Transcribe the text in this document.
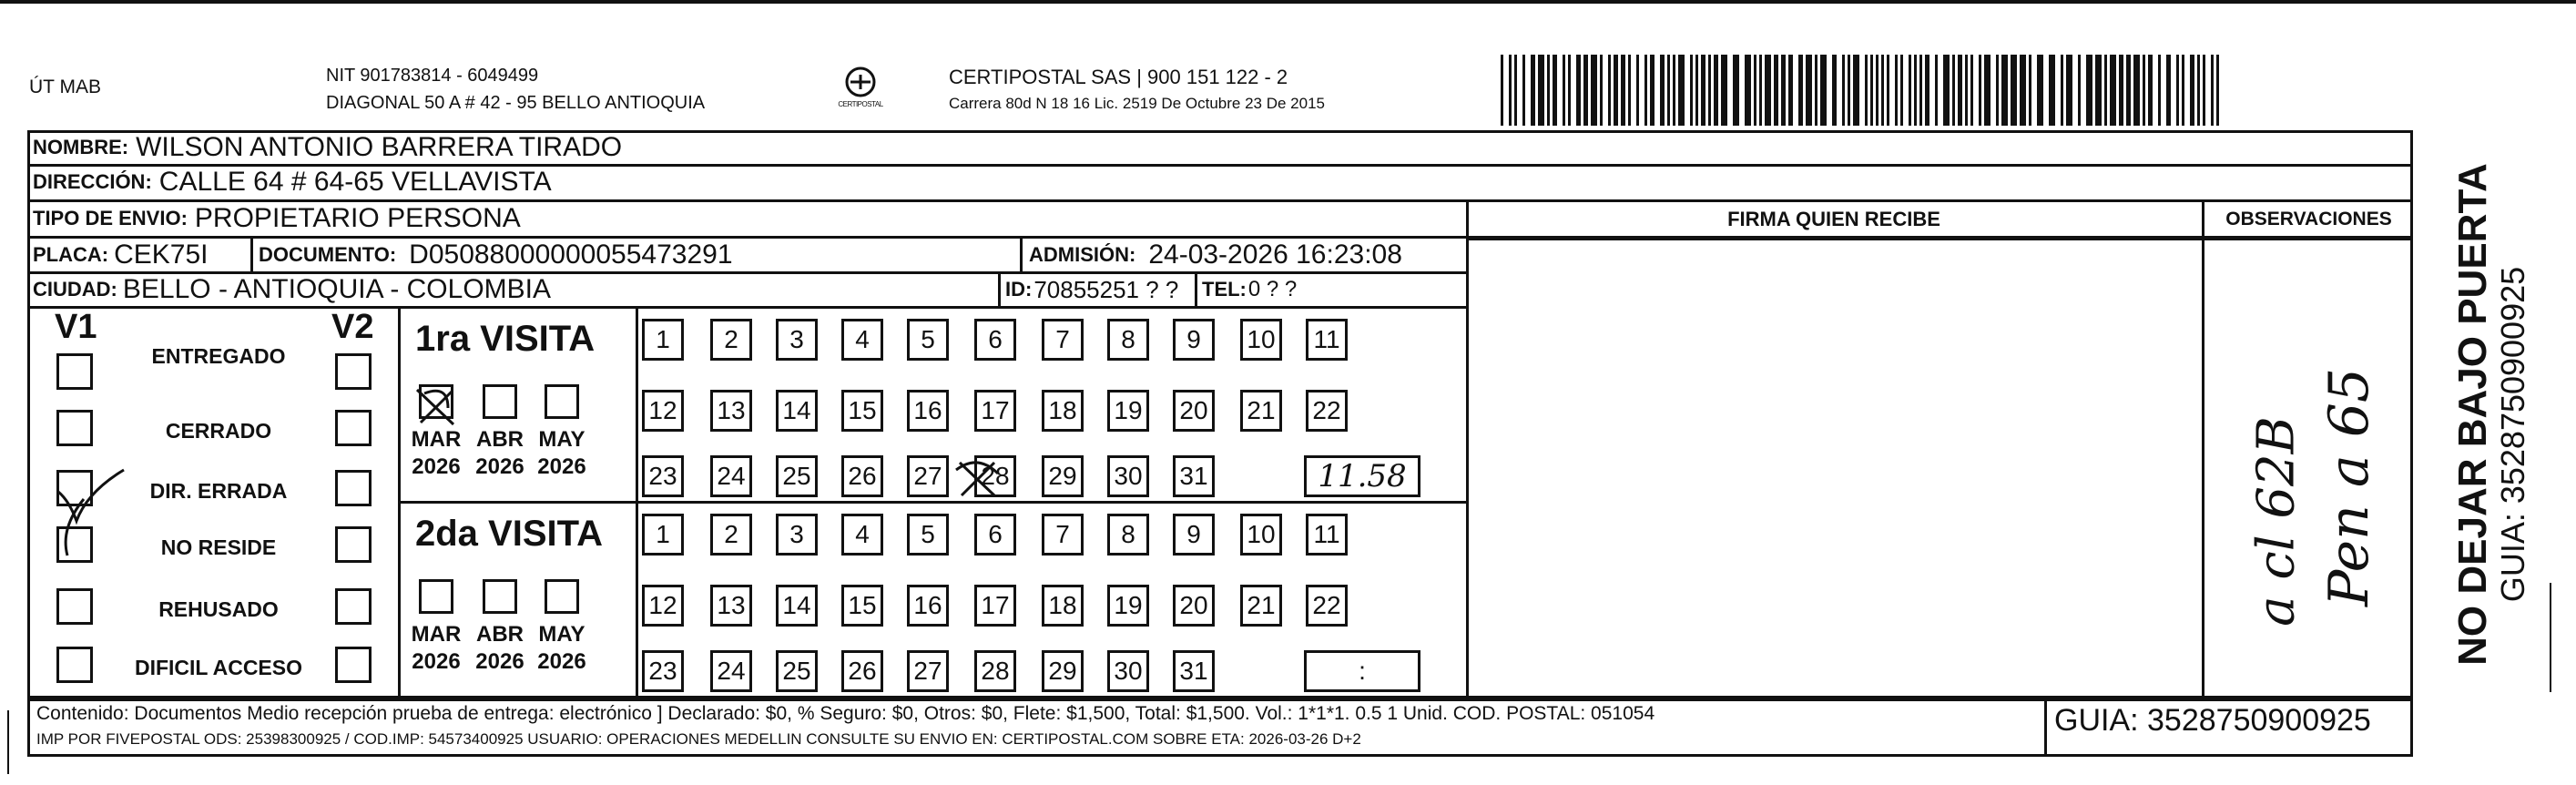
ÚT MAB
NIT 901783814 - 6049499
DIAGONAL 50 A # 42 - 95 BELLO ANTIOQUIA	CERTIPOSTAL
CERTIPOSTAL SAS | 900 151 122 - 2
Carrera 80d N 18 16 Lic. 2519 De Octubre 23 De 2015
NOMBRE: WILSON ANTONIO BARRERA TIRADO
DIRECCIÓN: CALLE 64 # 64-65 VELLAVISTA
TIPO DE ENVIO: PROPIETARIO PERSONA	FIRMA QUIEN RECIBE	OBSERVACIONES
PLACA: CEK75I	DOCUMENTO: D05088000000055473291	ADMISIÓN: 24-03-2026 16:23:08
CIUDAD: BELLO - ANTIOQUIA - COLOMBIA	ID: 70855251 ? ? TEL: 0 ? ?
V1	V2
ENTREGADO
CERRADO
DIR. ERRADA
NO RESIDE
REHUSADO
DIFICIL ACCESO
1ra VISITA
MAR
2026
ABR
2026
MAY
2026
1	2	3	4	5	6	7	8	9	10	11
12 13 14 15 16 17 18 19 20 21 22
23 24 25 26 27 28 29 30 31	11.58
2da VISITA
MAR
2026
ABR
2026
MAY
2026
1	2	3	4	5	6	7	8	9	10	11
12 13 14 15 16 17 18 19 20 21 22
23 24 25 26 27 28 29 30 31	:
a cl 62B Pen a 65
Contenido: Documentos Medio recepción prueba de entrega: electrónico ] Declarado: $0, % Seguro: $0, Otros: $0, Flete: $1,500, Total: $1,500. Vol.: 1*1*1. 0.5 1 Unid. COD. POSTAL: 051054
IMP POR FIVEPOSTAL ODS: 25398300925 / COD.IMP: 54573400925 USUARIO: OPERACIONES MEDELLIN CONSULTE SU ENVIO EN: CERTIPOSTAL.COM SOBRE ETA: 2026-03-26 D+2
GUIA: 3528750900925
NO DEJAR BAJO PUERTA GUIA: 3528750900925
